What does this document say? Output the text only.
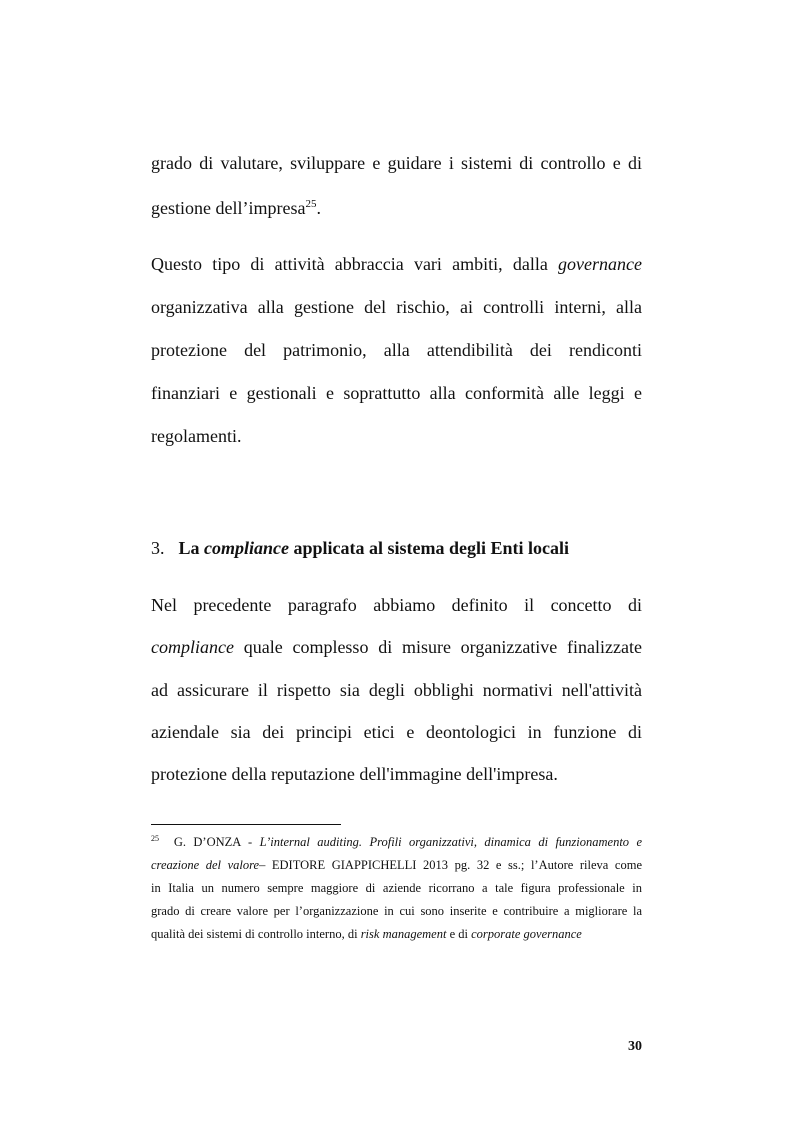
grado di valutare, sviluppare e guidare i sistemi di controllo e di
gestione dell’impresa$^{25}$.
Questo tipo di attività abbraccia vari ambiti, dalla governance
organizzativa alla gestione del rischio, ai controlli interni, alla
protezione del patrimonio, alla attendibilità dei rendiconti
finanziari e gestionali e soprattutto alla conformità alle leggi e
regolamenti.
3. La compliance applicata al sistema degli Enti locali
Nel precedente paragrafo abbiamo definito il concetto di
compliance quale complesso di misure organizzative finalizzate
ad assicurare il rispetto sia degli obblighi normativi nell'attività
aziendale sia dei principi etici e deontologici in funzione di
protezione della reputazione dell'immagine dell'impresa.
$^{25}$ G. D’ONZA - L’internal auditing. Profili organizzativi, dinamica di funzionamento e
creazione del valore– EDITORE GIAPPICHELLI 2013 pg. 32 e ss.; l’Autore rileva come
in Italia un numero sempre maggiore di aziende ricorrano a tale figura professionale in
grado di creare valore per l’organizzazione in cui sono inserite e contribuire a migliorare la
qualità dei sistemi di controllo interno, di risk management e di corporate governance
30
